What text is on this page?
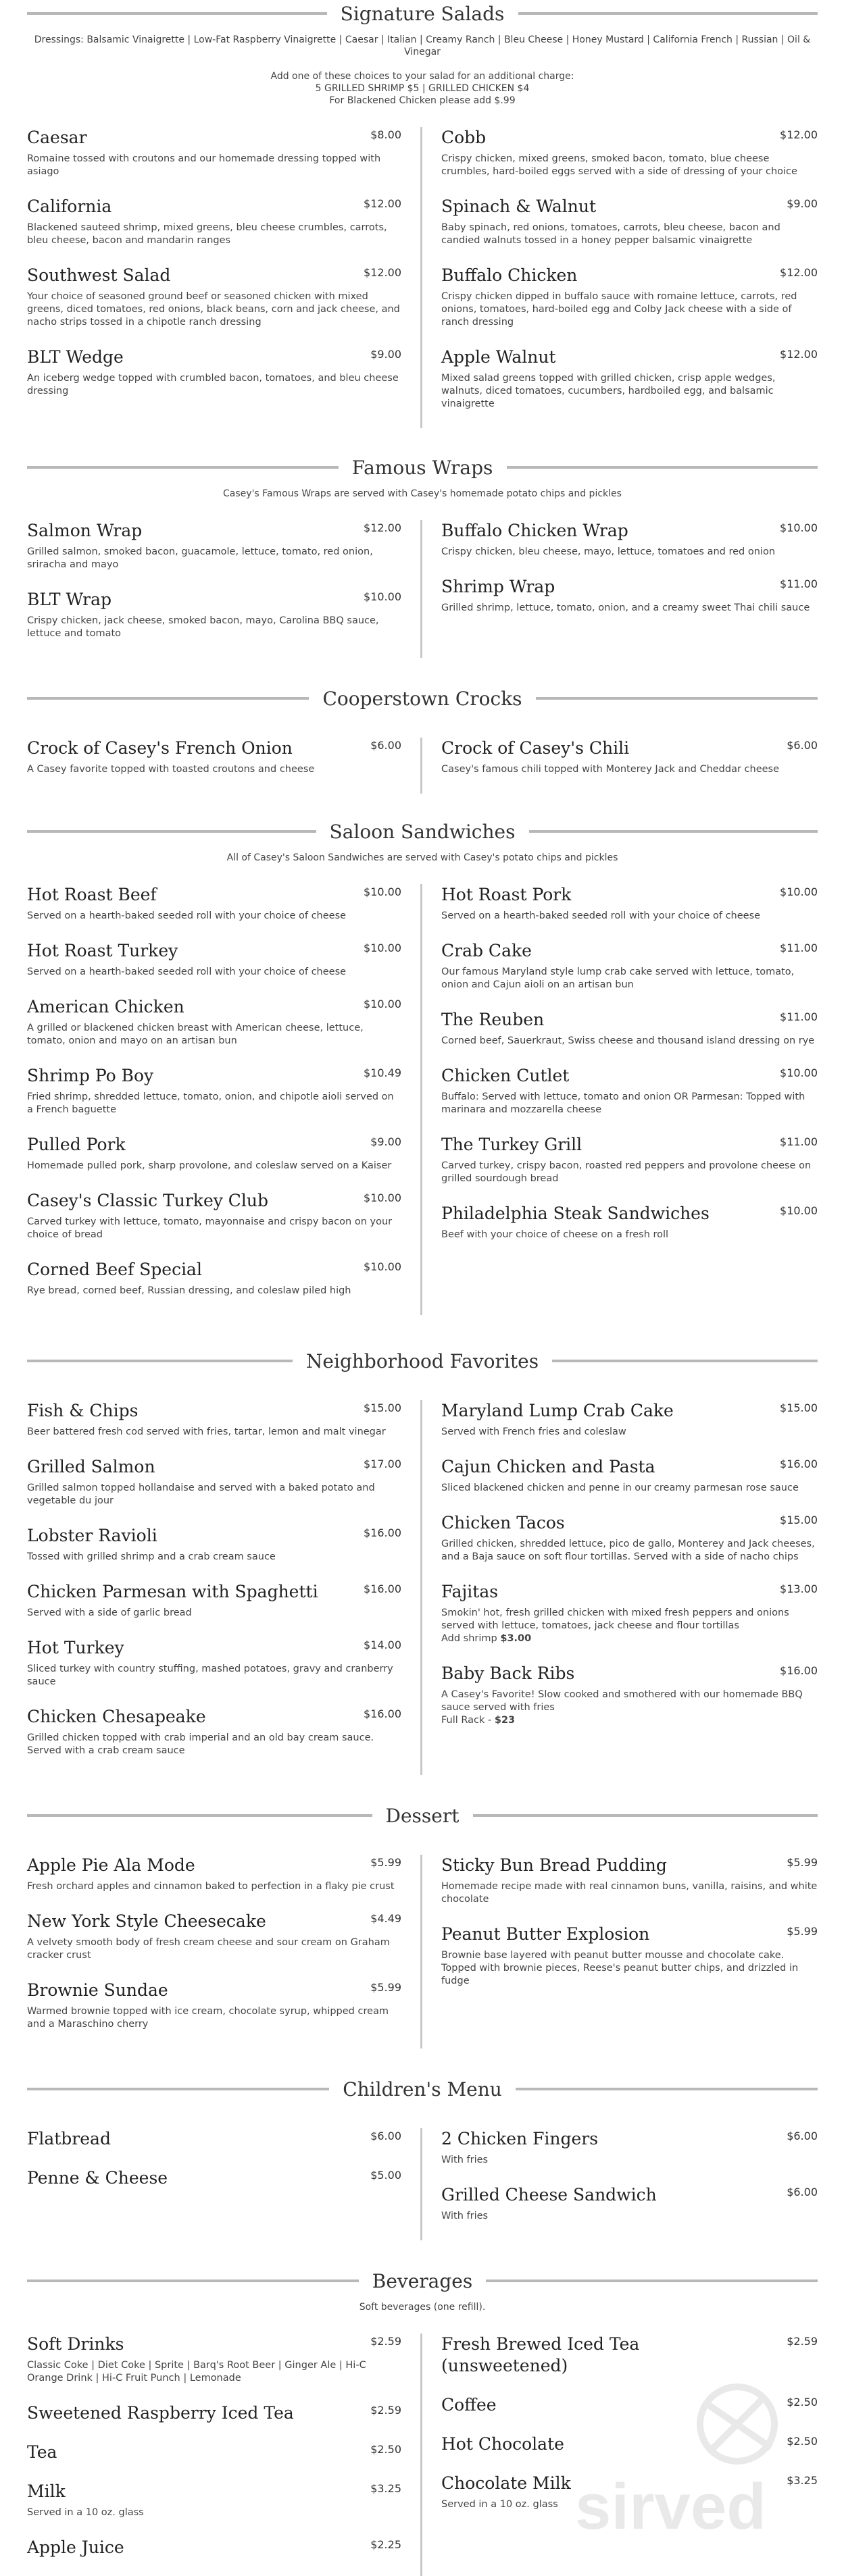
Signature Salads
Dressings: Balsamic Vinaigrette | Low-Fat Raspberry Vinaigrette | Caesar | Italian | Creamy Ranch | Bleu Cheese | Honey Mustard | California French | Russian | Oil & Vinegar
Add one of these choices to your salad for an additional charge:
5 GRILLED SHRIMP $5 | GRILLED CHICKEN $4
For Blackened Chicken please add $.99
Caesar	$8.00
Romaine tossed with croutons and our homemade dressing topped with asiago
California	$12.00
Blackened sauteed shrimp, mixed greens, bleu cheese crumbles, carrots, bleu cheese, bacon and mandarin ranges
Southwest Salad	$12.00
Your choice of seasoned ground beef or seasoned chicken with mixed greens, diced tomatoes, red onions, black beans, corn and jack cheese, and nacho strips tossed in a chipotle ranch dressing
BLT Wedge	$9.00
An iceberg wedge topped with crumbled bacon, tomatoes, and bleu cheese dressing
Cobb	$12.00
Crispy chicken, mixed greens, smoked bacon, tomato, blue cheese crumbles, hard-boiled eggs served with a side of dressing of your choice
Spinach & Walnut	$9.00
Baby spinach, red onions, tomatoes, carrots, bleu cheese, bacon and candied walnuts tossed in a honey pepper balsamic vinaigrette
Buffalo Chicken	$12.00
Crispy chicken dipped in buffalo sauce with romaine lettuce, carrots, red onions, tomatoes, hard-boiled egg and Colby Jack cheese with a side of ranch dressing
Apple Walnut	$12.00
Mixed salad greens topped with grilled chicken, crisp apple wedges, walnuts, diced tomatoes, cucumbers, hardboiled egg, and balsamic vinaigrette
Famous Wraps
Casey's Famous Wraps are served with Casey's homemade potato chips and pickles
Salmon Wrap	$12.00
Grilled salmon, smoked bacon, guacamole, lettuce, tomato, red onion, sriracha and mayo
BLT Wrap	$10.00
Crispy chicken, jack cheese, smoked bacon, mayo, Carolina BBQ sauce, lettuce and tomato
Buffalo Chicken Wrap	$10.00
Crispy chicken, bleu cheese, mayo, lettuce, tomatoes and red onion
Shrimp Wrap	$11.00
Grilled shrimp, lettuce, tomato, onion, and a creamy sweet Thai chili sauce
Cooperstown Crocks
Crock of Casey's French Onion	$6.00
A Casey favorite topped with toasted croutons and cheese
Crock of Casey's Chili	$6.00
Casey's famous chili topped with Monterey Jack and Cheddar cheese
Saloon Sandwiches
All of Casey's Saloon Sandwiches are served with Casey's potato chips and pickles
Hot Roast Beef	$10.00
Served on a hearth-baked seeded roll with your choice of cheese
Hot Roast Turkey	$10.00
Served on a hearth-baked seeded roll with your choice of cheese
American Chicken	$10.00
A grilled or blackened chicken breast with American cheese, lettuce, tomato, onion and mayo on an artisan bun
Shrimp Po Boy	$10.49
Fried shrimp, shredded lettuce, tomato, onion, and chipotle aioli served on a French baguette
Pulled Pork	$9.00
Homemade pulled pork, sharp provolone, and coleslaw served on a Kaiser
Casey's Classic Turkey Club	$10.00
Carved turkey with lettuce, tomato, mayonnaise and crispy bacon on your choice of bread
Corned Beef Special	$10.00
Rye bread, corned beef, Russian dressing, and coleslaw piled high
Hot Roast Pork	$10.00
Served on a hearth-baked seeded roll with your choice of cheese
Crab Cake	$11.00
Our famous Maryland style lump crab cake served with lettuce, tomato, onion and Cajun aioli on an artisan bun
The Reuben	$11.00
Corned beef, Sauerkraut, Swiss cheese and thousand island dressing on rye
Chicken Cutlet	$10.00
Buffalo: Served with lettuce, tomato and onion OR Parmesan: Topped with marinara and mozzarella cheese
The Turkey Grill	$11.00
Carved turkey, crispy bacon, roasted red peppers and provolone cheese on grilled sourdough bread
Philadelphia Steak Sandwiches	$10.00
Beef with your choice of cheese on a fresh roll
Neighborhood Favorites
Fish & Chips	$15.00
Beer battered fresh cod served with fries, tartar, lemon and malt vinegar
Grilled Salmon	$17.00
Grilled salmon topped hollandaise and served with a baked potato and vegetable du jour
Lobster Ravioli	$16.00
Tossed with grilled shrimp and a crab cream sauce
Chicken Parmesan with Spaghetti	$16.00
Served with a side of garlic bread
Hot Turkey	$14.00
Sliced turkey with country stuffing, mashed potatoes, gravy and cranberry sauce
Chicken Chesapeake	$16.00
Grilled chicken topped with crab imperial and an old bay cream sauce. Served with a crab cream sauce
Maryland Lump Crab Cake	$15.00
Served with French fries and coleslaw
Cajun Chicken and Pasta	$16.00
Sliced blackened chicken and penne in our creamy parmesan rose sauce
Chicken Tacos	$15.00
Grilled chicken, shredded lettuce, pico de gallo, Monterey and Jack cheeses, and a Baja sauce on soft flour tortillas. Served with a side of nacho chips
Fajitas	$13.00
Smokin' hot, fresh grilled chicken with mixed fresh peppers and onions served with lettuce, tomatoes, jack cheese and flour tortillas
Add shrimp $3.00
Baby Back Ribs	$16.00
A Casey's Favorite! Slow cooked and smothered with our homemade BBQ sauce served with fries
Full Rack - $23
Dessert
Apple Pie Ala Mode	$5.99
Fresh orchard apples and cinnamon baked to perfection in a flaky pie crust
New York Style Cheesecake	$4.49
A velvety smooth body of fresh cream cheese and sour cream on Graham cracker crust
Brownie Sundae	$5.99
Warmed brownie topped with ice cream, chocolate syrup, whipped cream and a Maraschino cherry
Sticky Bun Bread Pudding	$5.99
Homemade recipe made with real cinnamon buns, vanilla, raisins, and white chocolate
Peanut Butter Explosion	$5.99
Brownie base layered with peanut butter mousse and chocolate cake. Topped with brownie pieces, Reese's peanut butter chips, and drizzled in fudge
Children's Menu
Flatbread	$6.00
Penne & Cheese	$5.00
2 Chicken Fingers	$6.00
With fries
Grilled Cheese Sandwich	$6.00
With fries
Beverages
Soft beverages (one refill).
Soft Drinks	$2.59
Classic Coke | Diet Coke | Sprite | Barq's Root Beer | Ginger Ale | Hi-C Orange Drink | Hi-C Fruit Punch | Lemonade
Sweetened Raspberry Iced Tea	$2.59
Tea	$2.50
Milk	$3.25
Served in a 10 oz. glass
Apple Juice	$2.25
Fresh Brewed Iced Tea (unsweetened)
$2.59
Coffee	$2.50
Hot Chocolate	$2.50
Chocolate Milk	$3.25
Served in a 10 oz. glass sirved
